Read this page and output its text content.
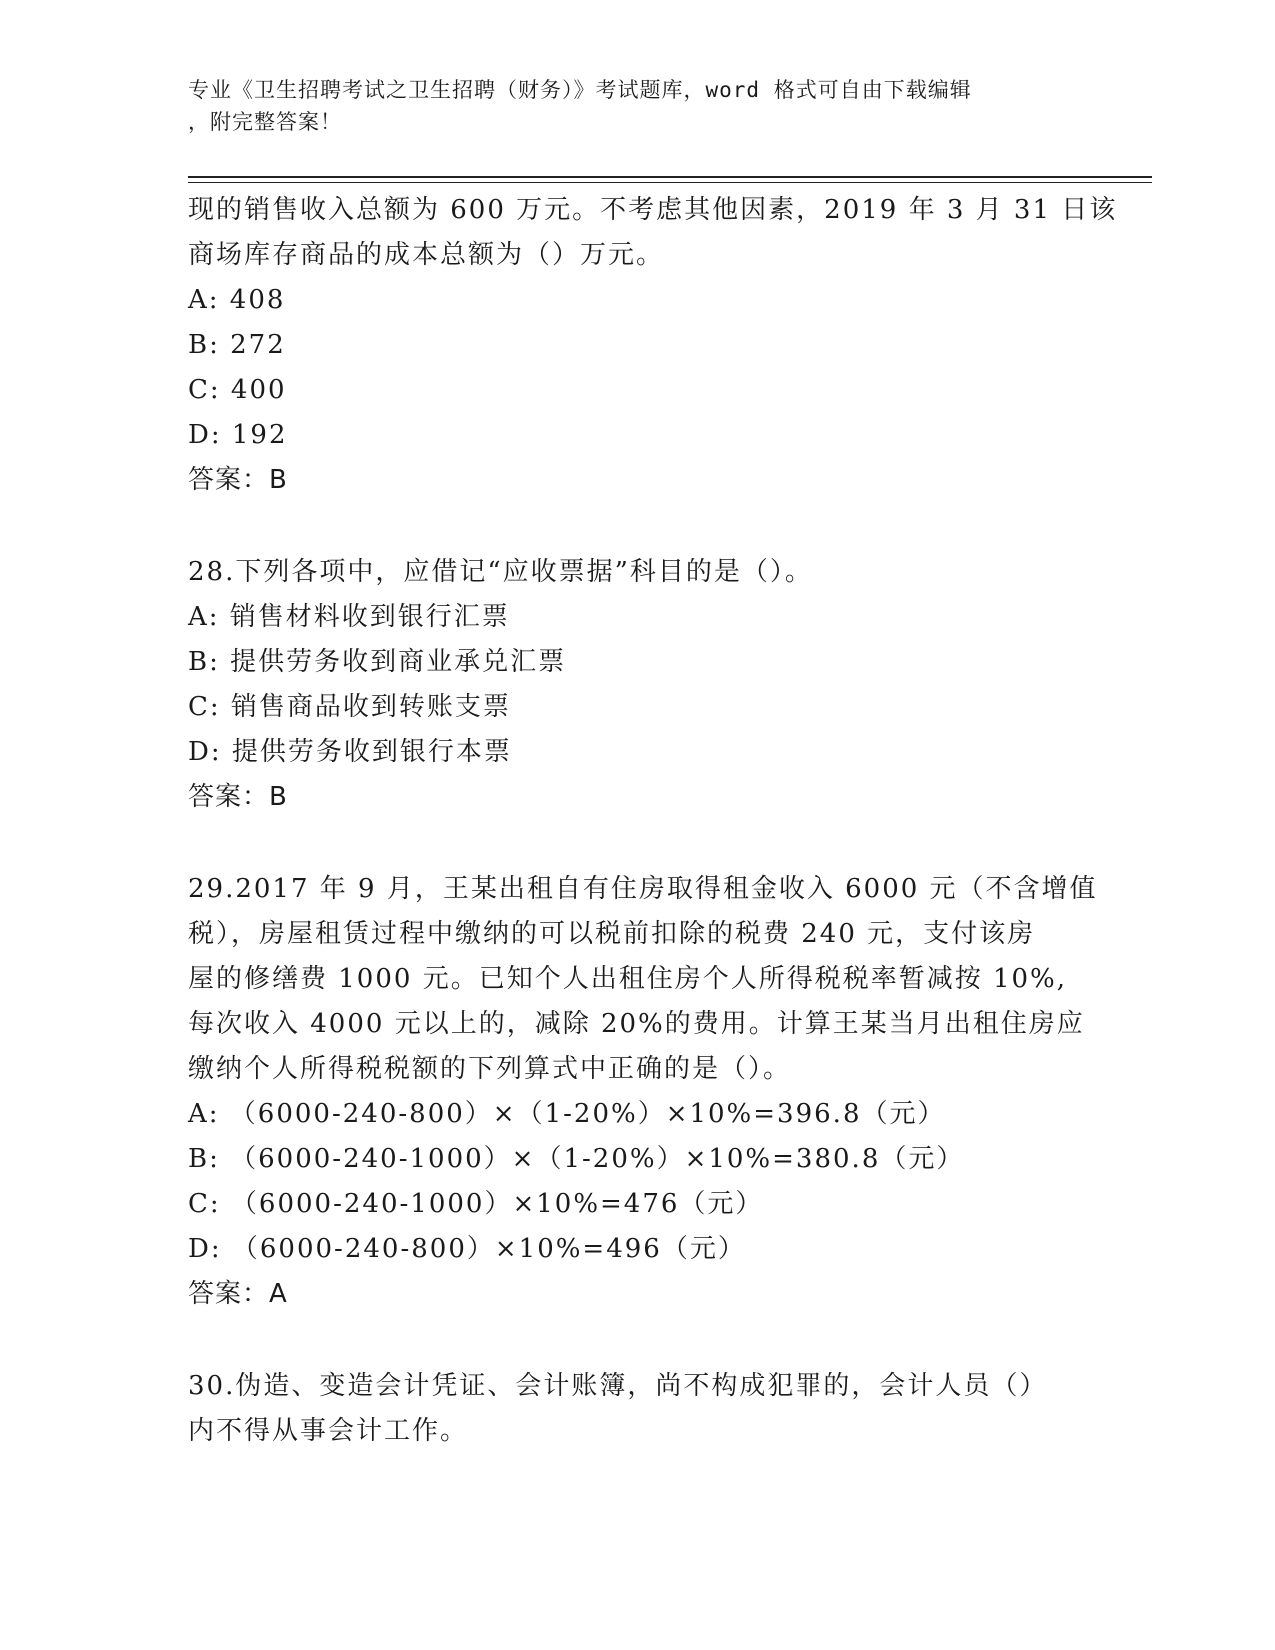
专业《卫生招聘考试之卫生招聘（财务）》考试题库，word 格式可自由下载编辑
，附完整答案！
现的销售收入总额为 600 万元。不考虑其他因素，2019 年 3 月 31 日该
商场库存商品的成本总额为（）万元。
A: 408
B: 272
C: 400
D: 192
答案：B
28.下列各项中，应借记“应收票据”科目的是（）。
A: 销售材料收到银行汇票
B: 提供劳务收到商业承兑汇票
C: 销售商品收到转账支票
D: 提供劳务收到银行本票
答案：B
29.2017 年 9 月，王某出租自有住房取得租金收入 6000 元（不含增值
税），房屋租赁过程中缴纳的可以税前扣除的税费 240 元，支付该房
屋的修缮费 1000 元。已知个人出租住房个人所得税税率暂减按 10%,
每次收入 4000 元以上的，减除 20%的费用。计算王某当月出租住房应
缴纳个人所得税税额的下列算式中正确的是（）。
A: （6000-240-800）×（1-20%）×10%=396.8（元）
B: （6000-240-1000）×（1-20%）×10%=380.8（元）
C: （6000-240-1000）×10%=476（元）
D: （6000-240-800）×10%=496（元）
答案：A
30.伪造、变造会计凭证、会计账簿，尚不构成犯罪的，会计人员（）
内不得从事会计工作。
